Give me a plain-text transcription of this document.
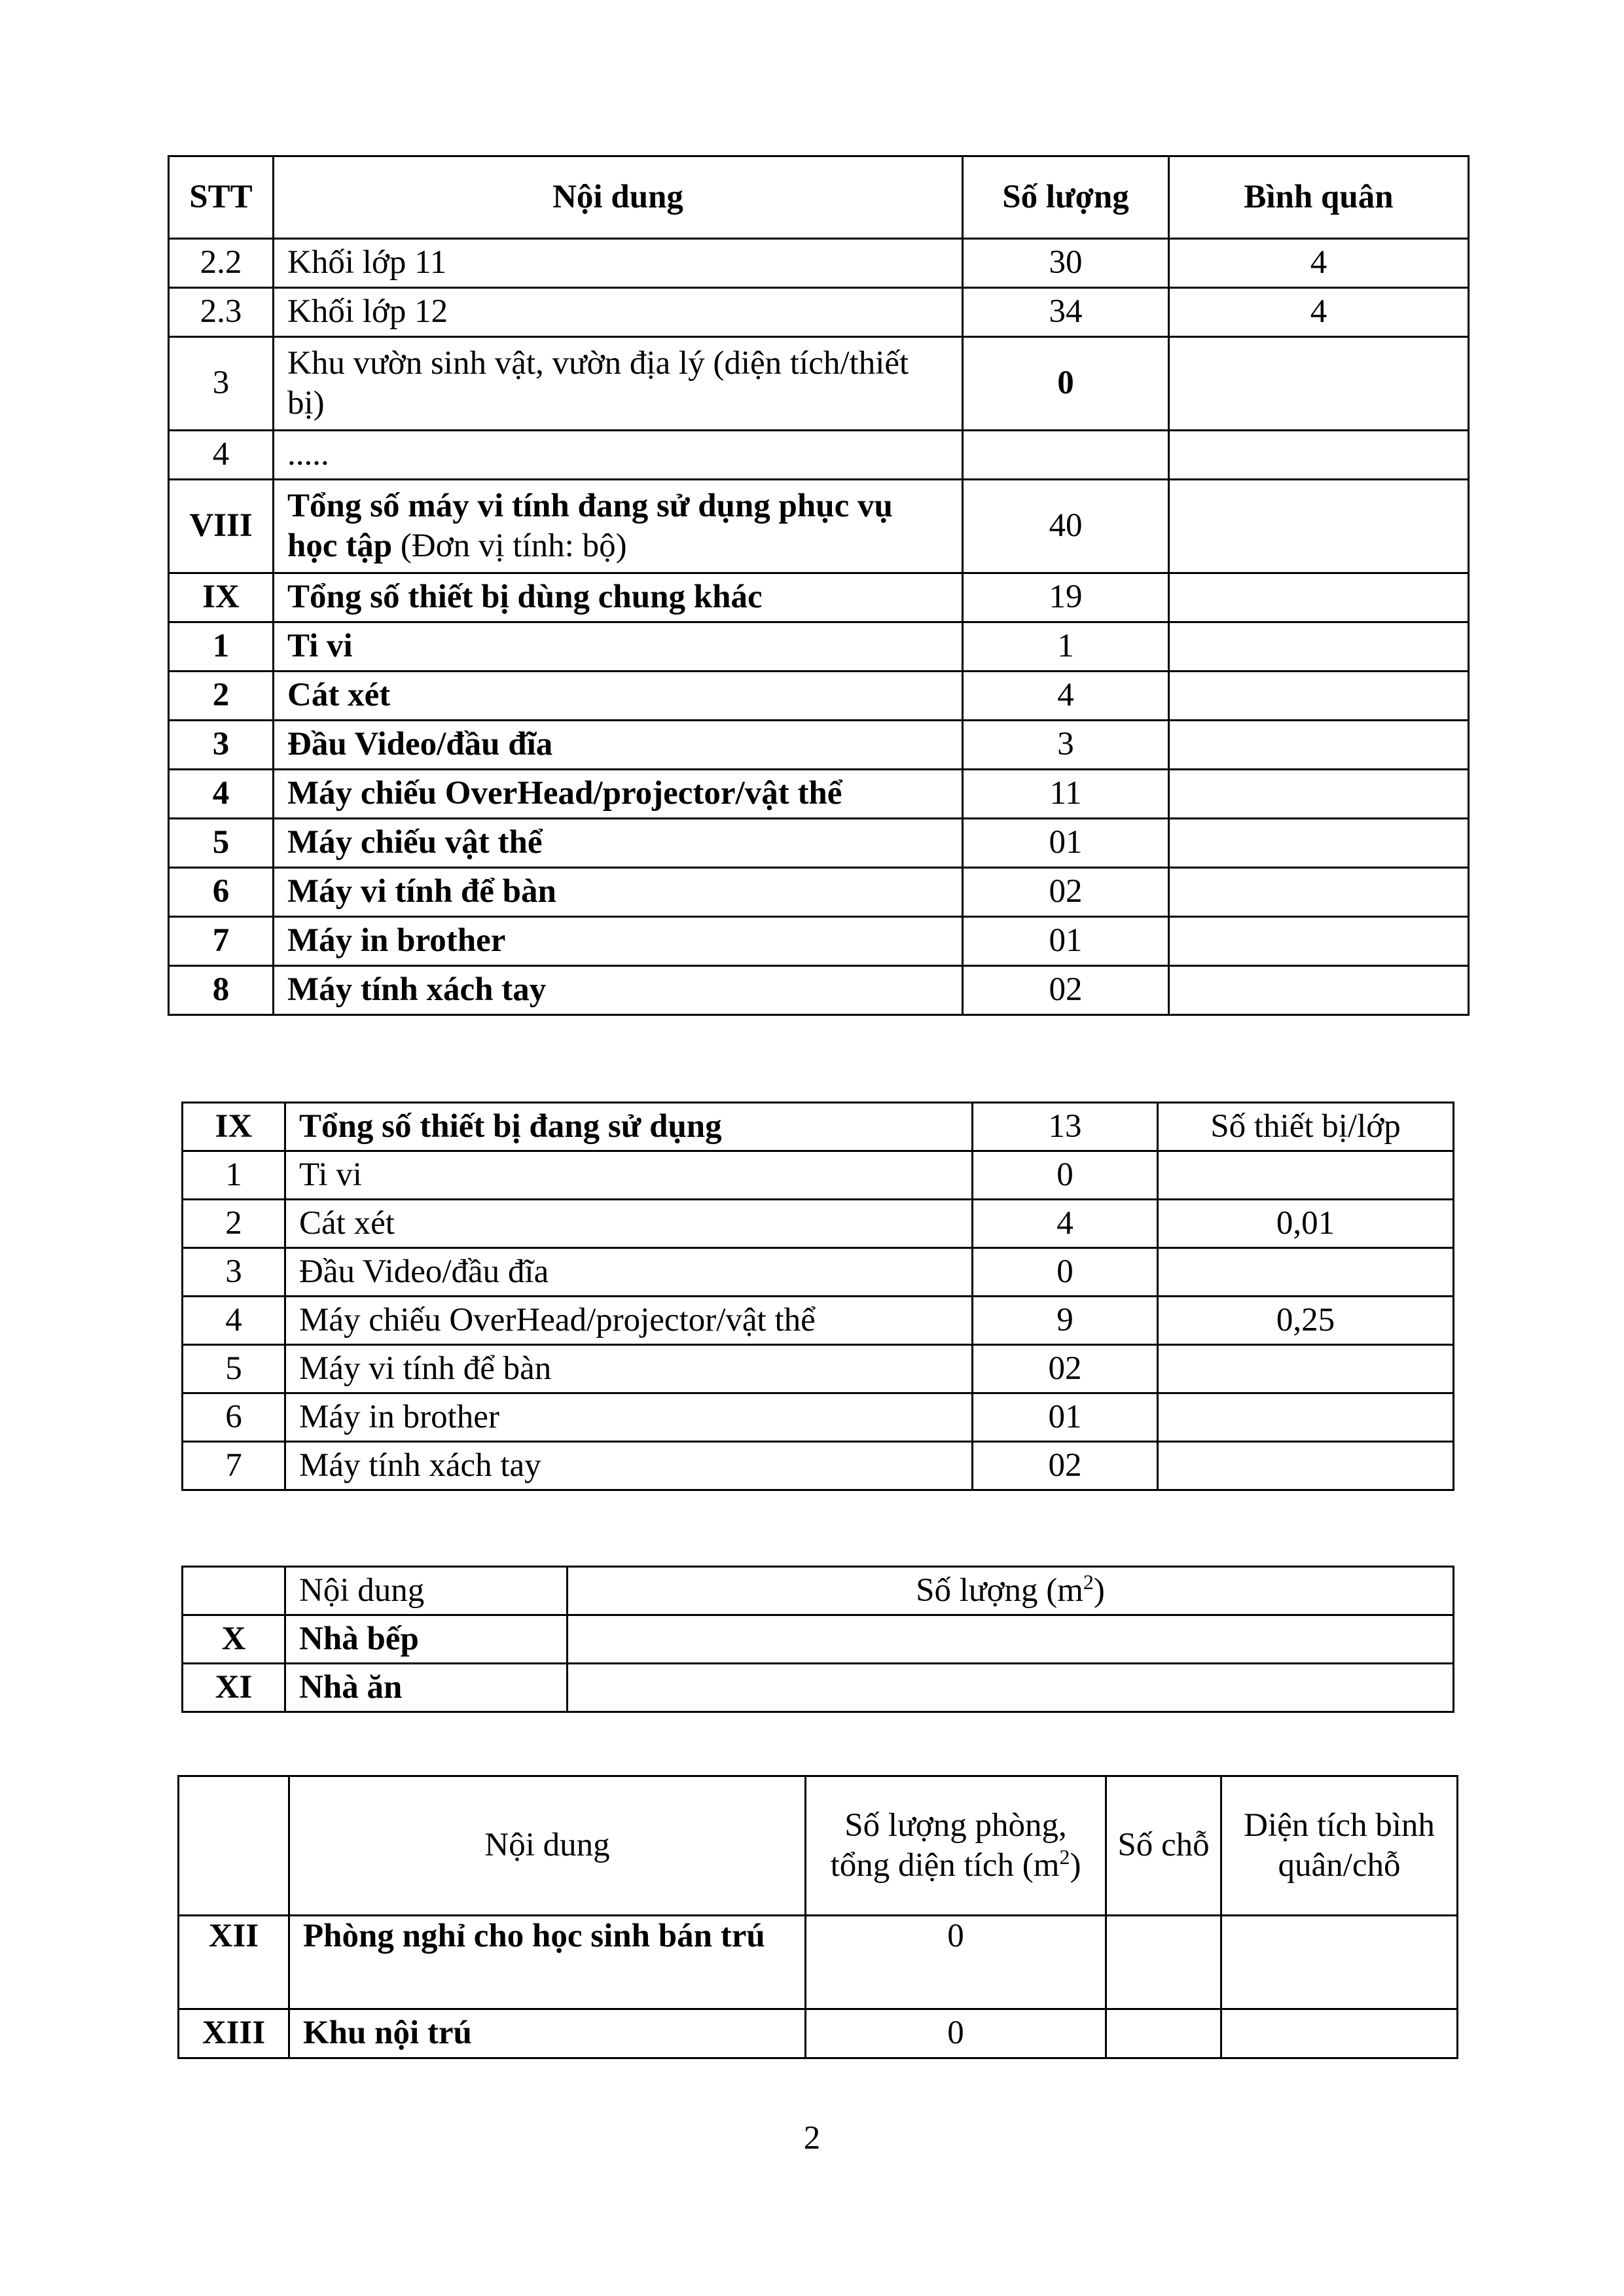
STT	Nội dung	Số lượng	Bình quân
2.2	Khối lớp 11	30	4
2.3	Khối lớp 12	34	4
3	Khu vườn sinh vật, vườn địa lý (diện tích/thiết bị)	0	
4	.....		
VIII	Tổng số máy vi tính đang sử dụng phục vụ học tập (Đơn vị tính: bộ)	40	
IX	Tổng số thiết bị dùng chung khác	19	
1	Ti vi	1	
2	Cát xét	4	
3	Đầu Video/đầu đĩa	3	
4	Máy chiếu OverHead/projector/vật thể	11	
5	Máy chiếu vật thể	01	
6	Máy vi tính để bàn	02	
7	Máy in brother	01	
8	Máy tính xách tay	02	
IX	Tổng số thiết bị đang sử dụng	13	Số thiết bị/lớp
1	Ti vi	0	
2	Cát xét	4	0,01
3	Đầu Video/đầu đĩa	0	
4	Máy chiếu OverHead/projector/vật thể	9	0,25
5	Máy vi tính để bàn	02	
6	Máy in brother	01	
7	Máy tính xách tay	02	
	Nội dung	Số lượng $(m^2)$
X	Nhà bếp	
XI	Nhà ăn	
	Nội dung	Số lượng phòng, tổng diện tích $(m^2)$	Số chỗ	Diện tích bình quân/chỗ
XII	Phòng nghỉ cho học sinh bán trú	0		
XIII	Khu nội trú	0		
2
